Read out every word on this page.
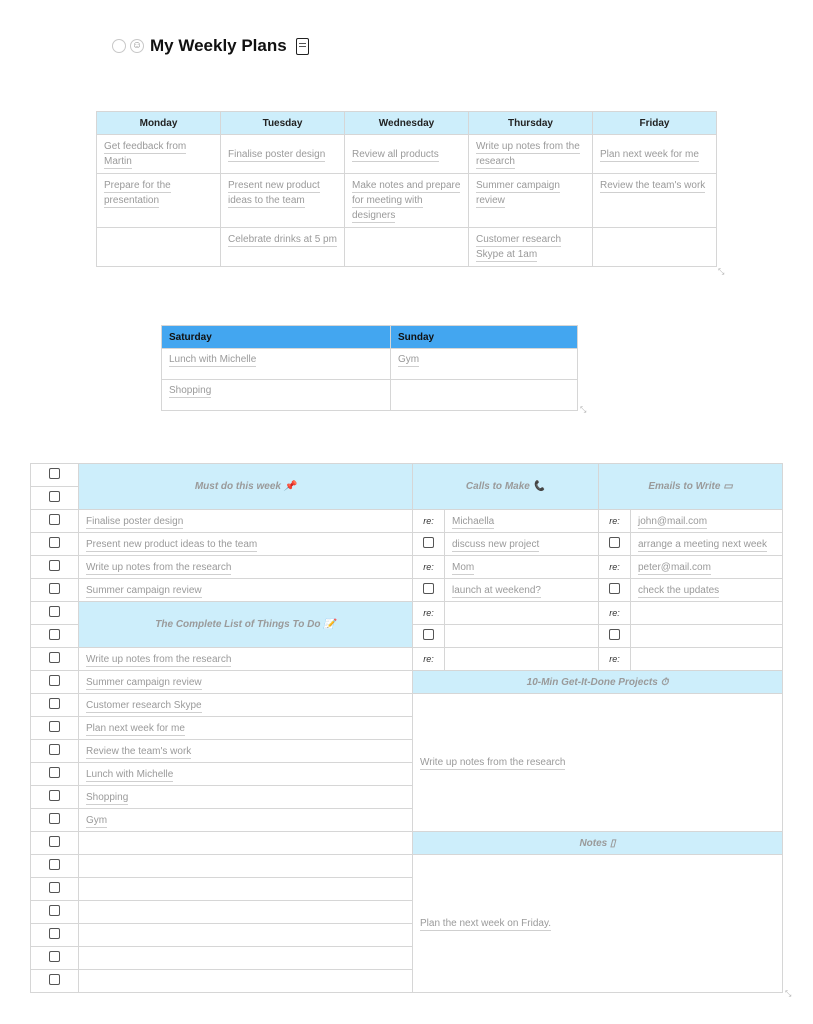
☺ My Weekly Plans
Monday	Tuesday	Wednesday	Thursday	Friday
Get feedback from Martin	Finalise poster design	Review all products	Write up notes from the research	Plan next week for me
Prepare for the presentation	Present new product ideas to the team	Make notes and prepare for meeting with designers	Summer campaign review	Review the team's work
	Celebrate drinks at 5 pm		Customer research Skype at 1am	
⤡
Saturday	Sunday
Lunch with Michelle	Gym
Shopping	
⤡
	Must do this week 📌	Calls to Make 📞		Emails to Write ▭	

	Finalise poster design	re:	Michaella	re:	john@mail.com
	Present new product ideas to the team		discuss new project		arrange a meeting next week
	Write up notes from the research	re:	Mom	re:	peter@mail.com
	Summer campaign review		launch at weekend?		check the updates
	The Complete List of Things To Do 📝	re:		re:	

	Write up notes from the research	re:		re:	
	Summer campaign review	10-Min Get-It-Done Projects ⏱			
	Customer research Skype	Write up notes from the research			
	Plan next week for me				
	Review the team's work				
	Lunch with Michelle				
	Shopping				
	Gym				
		Notes ▯			
		Plan the next week on Friday.			

⤡
